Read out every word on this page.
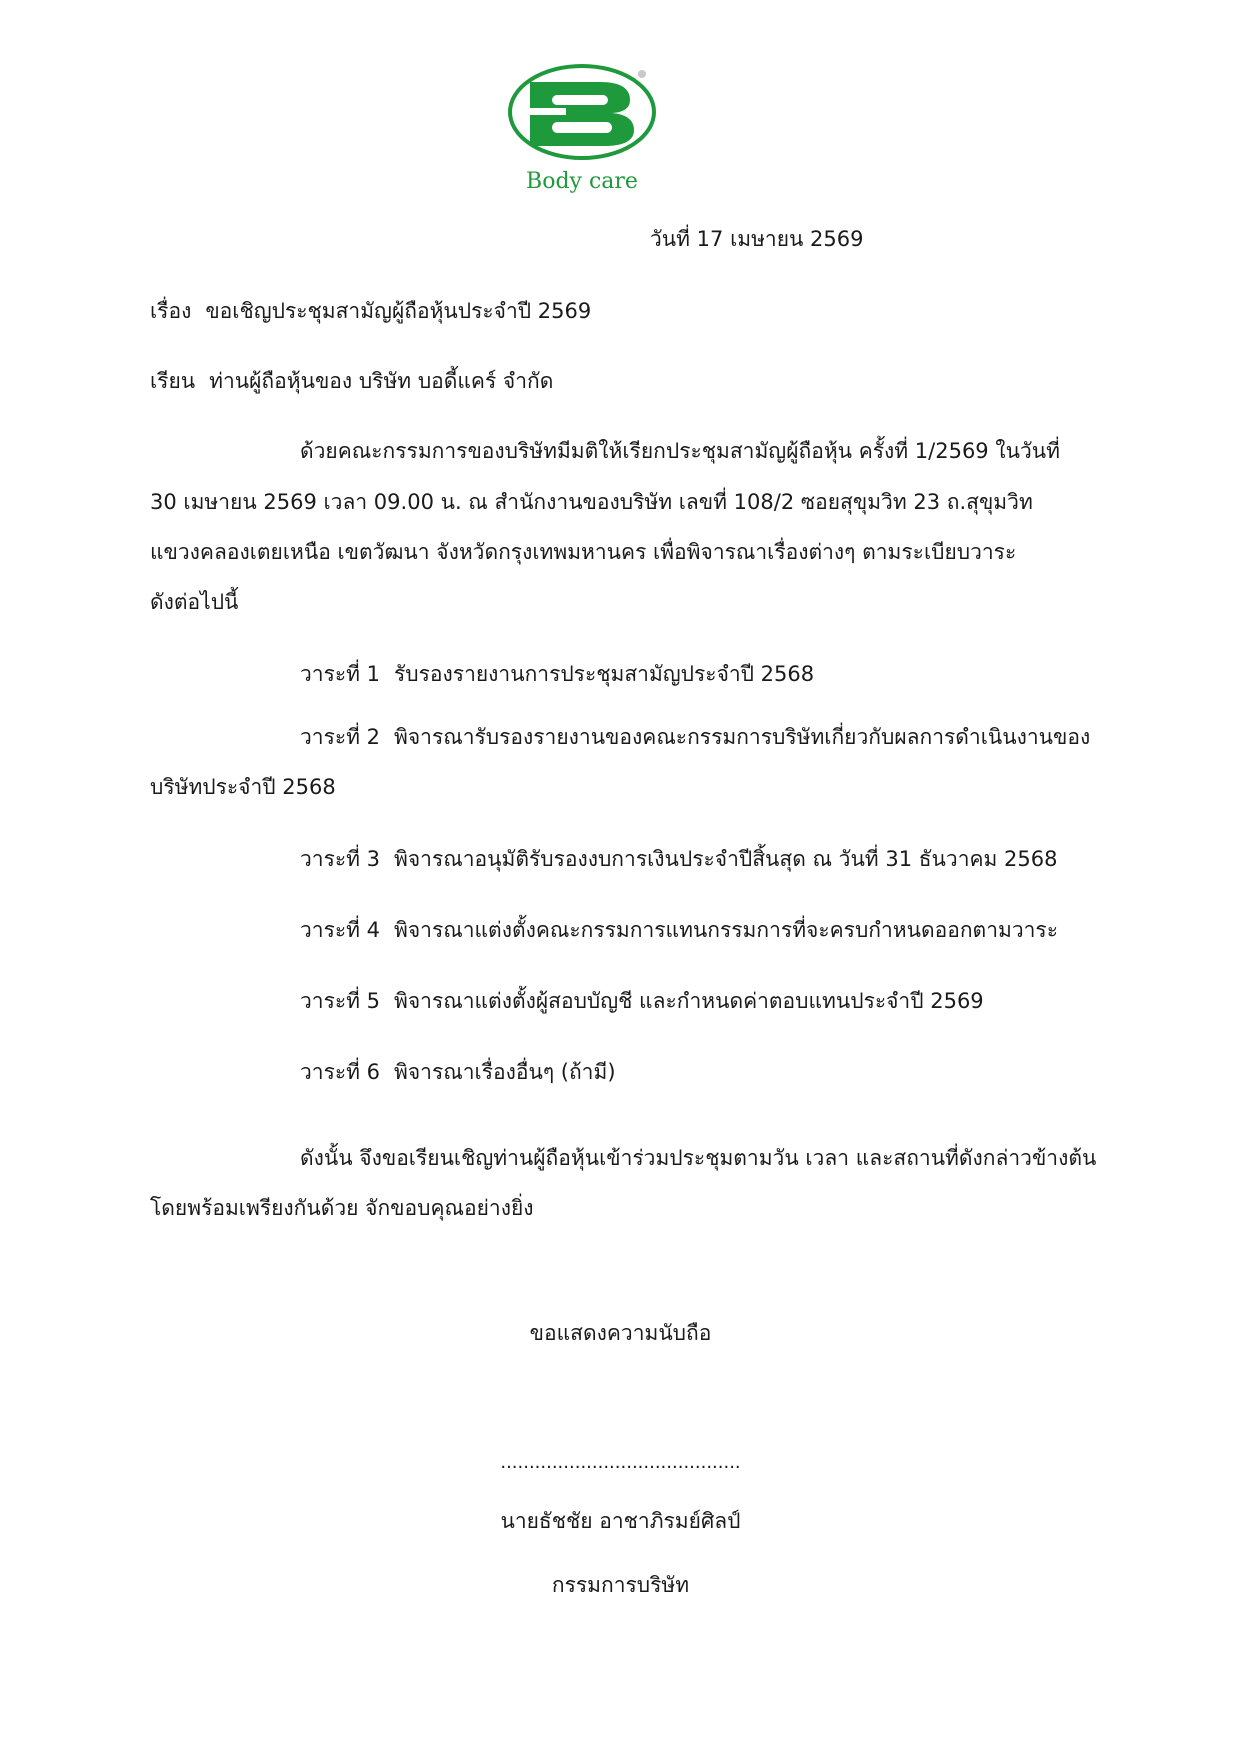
Body care
วันที่ 17 เมษายน 2569
เรื่อง ขอเชิญประชุมสามัญผู้ถือหุ้นประจำปี 2569
เรียน ท่านผู้ถือหุ้นของ บริษัท บอดี้แคร์ จำกัด
ด้วยคณะกรรมการของบริษัทมีมติให้เรียกประชุมสามัญผู้ถือหุ้น ครั้งที่ 1/2569 ในวันที่
30 เมษายน 2569 เวลา 09.00 น. ณ สำนักงานของบริษัท เลขที่ 108/2 ซอยสุขุมวิท 23 ถ.สุขุมวิท
แขวงคลองเตยเหนือ เขตวัฒนา จังหวัดกรุงเทพมหานคร เพื่อพิจารณาเรื่องต่างๆ ตามระเบียบวาระ
ดังต่อไปนี้
วาระที่ 1 รับรองรายงานการประชุมสามัญประจำปี 2568
วาระที่ 2 พิจารณารับรองรายงานของคณะกรรมการบริษัทเกี่ยวกับผลการดำเนินงานของ
บริษัทประจำปี 2568
วาระที่ 3 พิจารณาอนุมัติรับรองงบการเงินประจำปีสิ้นสุด ณ วันที่ 31 ธันวาคม 2568
วาระที่ 4 พิจารณาแต่งตั้งคณะกรรมการแทนกรรมการที่จะครบกำหนดออกตามวาระ
วาระที่ 5 พิจารณาแต่งตั้งผู้สอบบัญชี และกำหนดค่าตอบแทนประจำปี 2569
วาระที่ 6 พิจารณาเรื่องอื่นๆ (ถ้ามี)
ดังนั้น จึงขอเรียนเชิญท่านผู้ถือหุ้นเข้าร่วมประชุมตามวัน เวลา และสถานที่ดังกล่าวข้างต้น
โดยพร้อมเพรียงกันด้วย จักขอบคุณอย่างยิ่ง
ขอแสดงความนับถือ
..........................................
นายธัชชัย อาชาภิรมย์ศิลป์
กรรมการบริษัท
